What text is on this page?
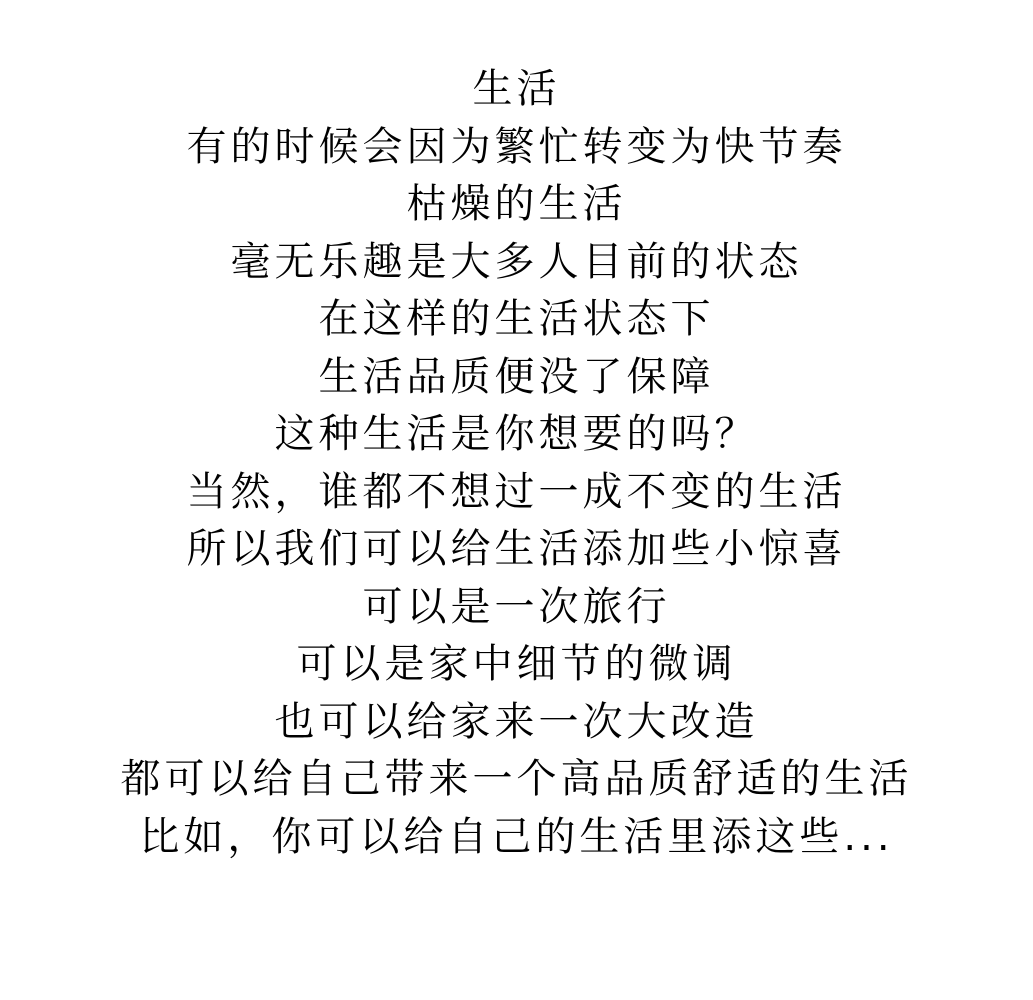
生活
有的时候会因为繁忙转变为快节奏
枯燥的生活
毫无乐趣是大多人目前的状态
在这样的生活状态下
生活品质便没了保障
这种生活是你想要的吗？
当然，谁都不想过一成不变的生活
所以我们可以给生活添加些小惊喜
可以是一次旅行
可以是家中细节的微调
也可以给家来一次大改造
都可以给自己带来一个高品质舒适的生活
比如，你可以给自己的生活里添这些...
